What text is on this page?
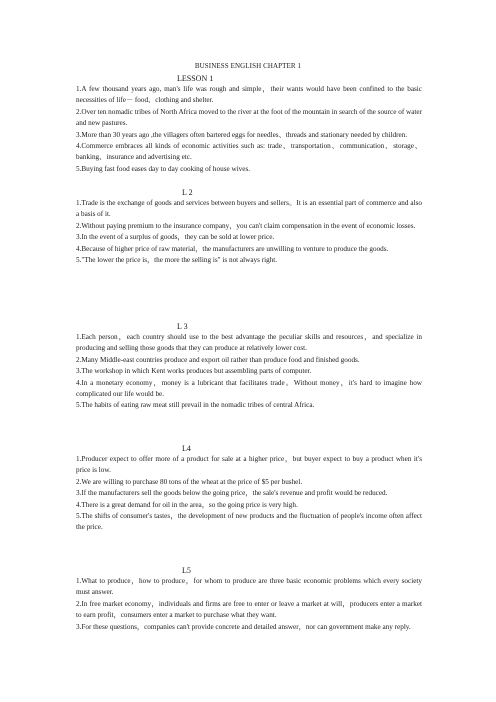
BUSINESS ENGLISH CHAPTER 1
LESSON 1
1.A few thousand years ago, man's life was rough and simple，their wants would have been confined to the basic necessities of life－ food、clothing and shelter.
2.Over ten nomadic tribes of North Africa moved to the river at the foot of the mountain in search of the source of water and new pastures.
3.More than 30 years ago ,the villagers often bartered eggs for needles、threads and stationary needed by children.
4.Commerce embraces all kinds of economic activities such as: trade、transportation、communication、storage、banking、insurance and advertising etc.
5.Buying fast food eases day to day cooking of house wives.
L 2
1.Trade is the exchange of goods and services between buyers and sellers。It is an essential part of commerce and also a basis of it.
2.Without paying premium to the insurance company，you can't claim compensation in the event of economic losses.
3.In the event of a surplus of goods，they can be sold at lower price.
4.Because of higher price of raw material，the manufacturers are unwilling to venture to produce the goods.
5."The lower the price is，the more the selling is" is not always right.
L 3
1.Each person，each country should use to the best advantage the peculiar skills and resources，and specialize in producing and selling those goods that they can produce at relatively lower cost.
2.Many Middle-east countries produce and export oil rather than produce food and finished goods.
3.The workshop in which Kent works produces but assembling parts of computer.
4.In a monetary economy，money is a lubricant that facilitates trade。Without money，it's hard to imagine how complicated our life would be.
5.The habits of eating raw meat still prevail in the nomadic tribes of central Africa.
L4
1.Producer expect to offer more of a product for sale at a higher price，but buyer expect to buy a product when it's price is low.
2.We are willing to purchase 80 tons of the wheat at the price of $5 per bushel.
3.If the manufacturers sell the goods below the going price，the sale's revenue and profit would be reduced.
4.There is a great demand for oil in the area，so the going price is very high.
5.The shifts of consumer's tastes，the development of new products and the fluctuation of people's income often affect the price.
L5
1.What to produce，how to produce，for whom to produce are three basic economic problems which every society must answer.
2.In free market economy，individuals and firms are free to enter or leave a market at will，producers enter a market to earn profit，consumers enter a market to purchase what they want.
3.For these questions，companies can't provide concrete and detailed answer，nor can government make any reply.
